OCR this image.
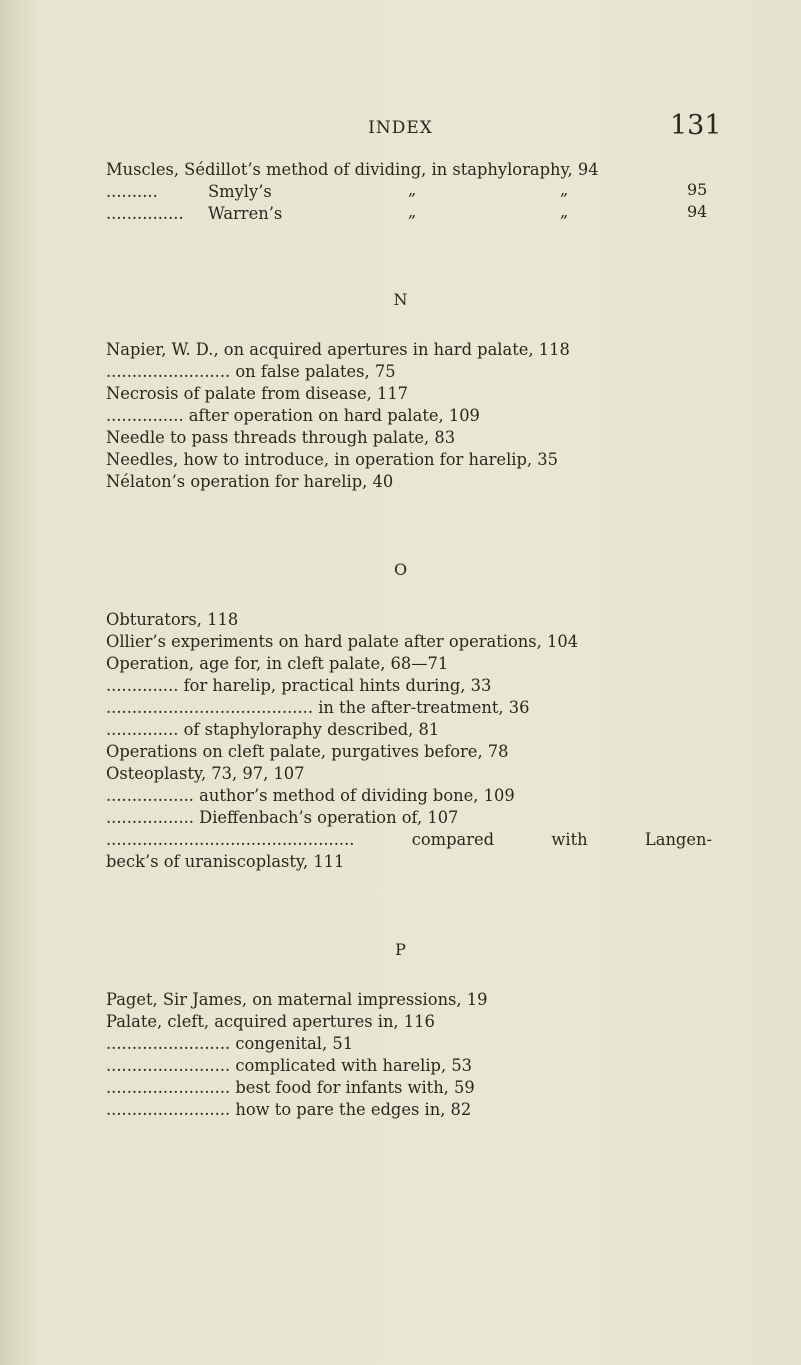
INDEX	131
Muscles, Sédillot’s method of dividing, in staphyloraphy, 94
..........	Smyly’s	„	„	95
............... Warren’s	„	„	94
N
Napier, W. D., on acquired apertures in hard palate, 118
........................ on false palates, 75
Necrosis of palate from disease, 117
............... after operation on hard palate, 109
Needle to pass threads through palate, 83
Needles, how to introduce, in operation for harelip, 35
Nélaton’s operation for harelip, 40
O
Obturators, 118
Ollier’s experiments on hard palate after operations, 104
Operation, age for, in cleft palate, 68—71
.............. for harelip, practical hints during, 33
........................................ in the after-treatment, 36
.............. of staphyloraphy described, 81
Operations on cleft palate, purgatives before, 78
Osteoplasty, 73, 97, 107
................. author’s method of dividing bone, 109
................. Dieffenbach’s operation of, 107
................................................	compared	with	Langen-
beck’s of uraniscoplasty, 111
P
Paget, Sir James, on maternal impressions, 19
Palate, cleft, acquired apertures in, 116
........................ congenital, 51
........................ complicated with harelip, 53
........................ best food for infants with, 59
........................ how to pare the edges in, 82
